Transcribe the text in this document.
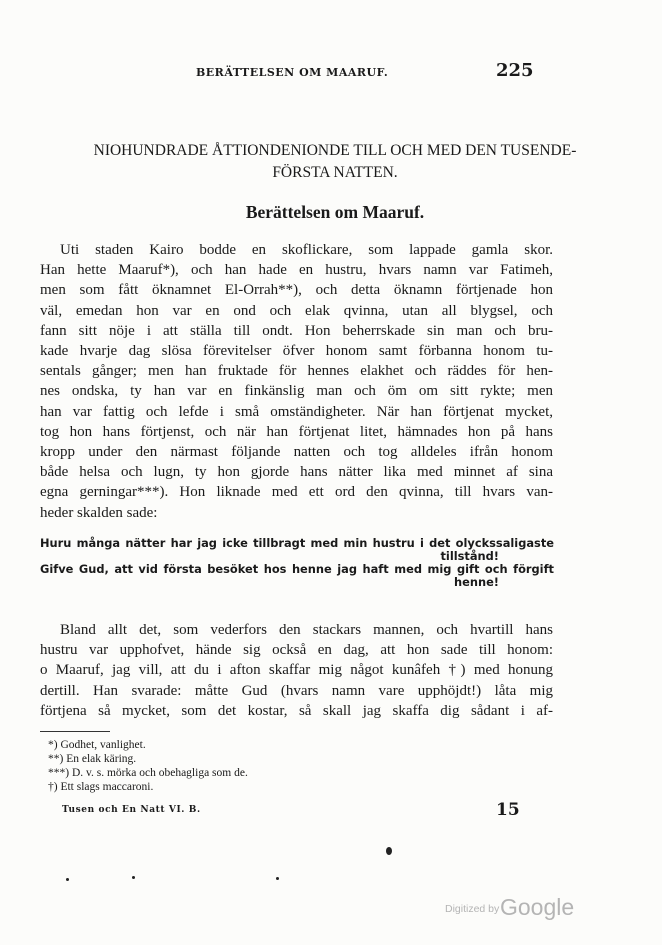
BERÄTTELSEN OM MAARUF.	225
NIOHUNDRADE ÅTTIONDENIONDE TILL OCH MED DEN TUSENDE-
FÖRSTA NATTEN.
Berättelsen om Maaruf.
Uti staden Kairo bodde en skoflickare, som lappade gamla skor.
Han hette Maaruf*), och han hade en hustru, hvars namn var Fatimeh,
men som fått öknamnet El-Orrah**), och detta öknamn förtjenade hon
väl, emedan hon var en ond och elak qvinna, utan all blygsel, och
fann sitt nöje i att ställa till ondt. Hon beherrskade sin man och bru-
kade hvarje dag slösa förevitelser öfver honom samt förbanna honom tu-
sentals gånger; men han fruktade för hennes elakhet och räddes för hen-
nes ondska, ty han var en finkänslig man och öm om sitt rykte; men
han var fattig och lefde i små omständigheter. När han förtjenat mycket,
tog hon hans förtjenst, och när han förtjenat litet, hämnades hon på hans
kropp under den närmast följande natten och tog alldeles ifrån honom
både helsa och lugn, ty hon gjorde hans nätter lika med minnet af sina
egna gerningar***). Hon liknade med ett ord den qvinna, till hvars van-
heder skalden sade:
Huru många nätter har jag icke tillbragt med min hustru i det olyckssaligaste
tillstånd!
Gifve Gud, att vid första besöket hos henne jag haft med mig gift och förgift
henne!
Bland allt det, som vederfors den stackars mannen, och hvartill hans
hustru var upphofvet, hände sig också en dag, att hon sade till honom:
o Maaruf, jag vill, att du i afton skaffar mig något kunâfeh †) med honung
dertill. Han svarade: måtte Gud (hvars namn vare upphöjdt!) låta mig
förtjena så mycket, som det kostar, så skall jag skaffa dig sådant i af-
*) Godhet, vanlighet.
**) En elak käring.
***) D. v. s. mörka och obehagliga som de.
†) Ett slags maccaroni.
Tusen och En Natt VI. B.	15
Digitized by Google
